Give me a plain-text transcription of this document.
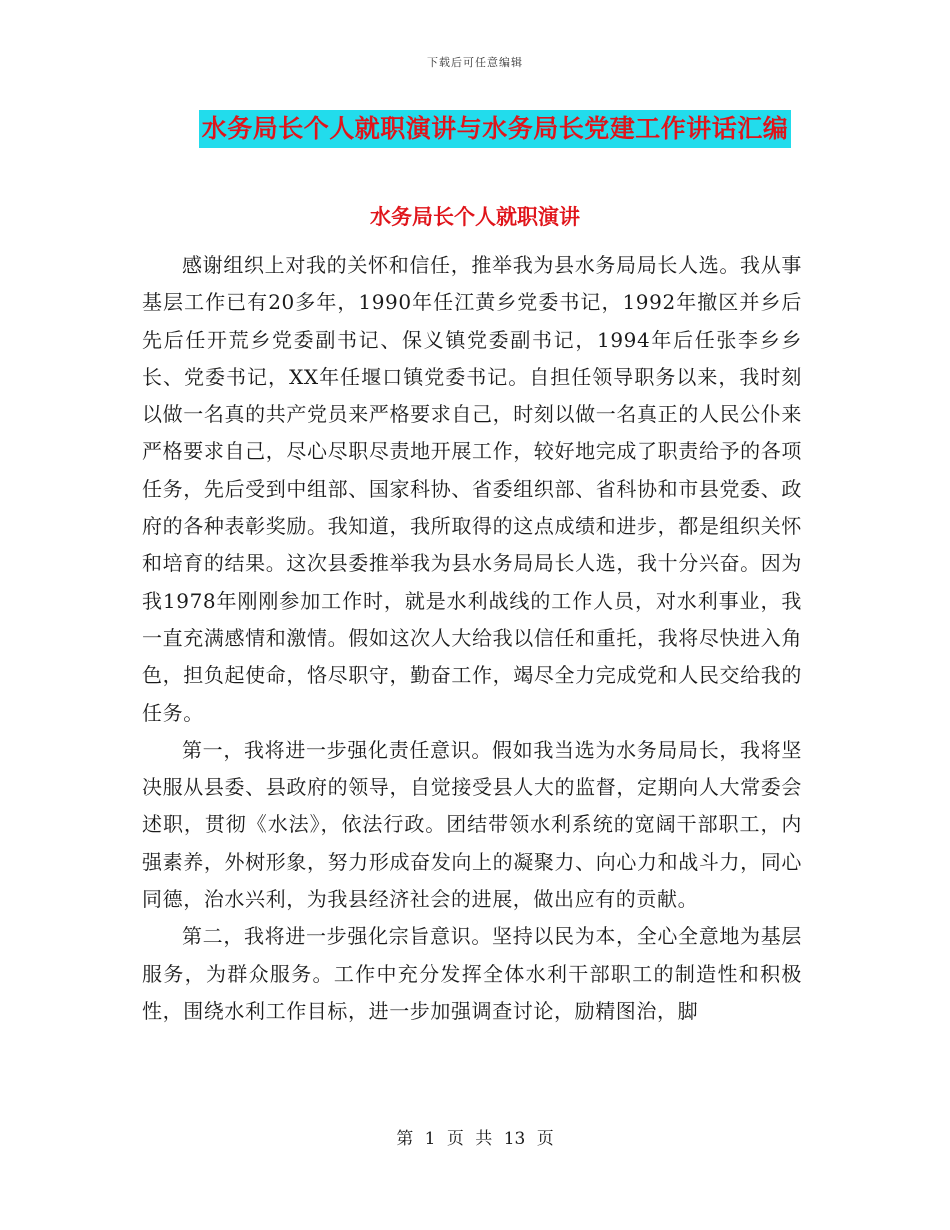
下载后可任意编辑
水务局长个人就职演讲与水务局长党建工作讲话汇编
水务局长个人就职演讲

感谢组织上对我的关怀和信任，推举我为县水务局局长人选。我从事基层工作已有20多年，1990年任江黄乡党委书记，1992年撤区并乡后先后任开荒乡党委副书记、保义镇党委副书记，1994年后任张李乡乡长、党委书记，XX年任堰口镇党委书记。自担任领导职务以来，我时刻以做一名真的共产党员来严格要求自己，时刻以做一名真正的人民公仆来严格要求自己，尽心尽职尽责地开展工作，较好地完成了职责给予的各项任务，先后受到中组部、国家科协、省委组织部、省科协和市县党委、政府的各种表彰奖励。我知道，我所取得的这点成绩和进步，都是组织关怀和培育的结果。这次县委推举我为县水务局局长人选，我十分兴奋。因为我1978年刚刚参加工作时，就是水利战线的工作人员，对水利事业，我一直充满感情和激情。假如这次人大给我以信任和重托，我将尽快进入角色，担负起使命，恪尽职守，勤奋工作，竭尽全力完成党和人民交给我的任务。

第一，我将进一步强化责任意识。假如我当选为水务局局长，我将坚决服从县委、县政府的领导，自觉接受县人大的监督，定期向人大常委会述职，贯彻《水法》，依法行政。团结带领水利系统的宽阔干部职工，内强素养，外树形象，努力形成奋发向上的凝聚力、向心力和战斗力，同心同德，治水兴利，为我县经济社会的进展，做出应有的贡献。

第二，我将进一步强化宗旨意识。坚持以民为本，全心全意地为基层服务，为群众服务。工作中充分发挥全体水利干部职工的制造性和积极性，围绕水利工作目标，进一步加强调查讨论，励精图治，脚

第 1 页 共 13 页
